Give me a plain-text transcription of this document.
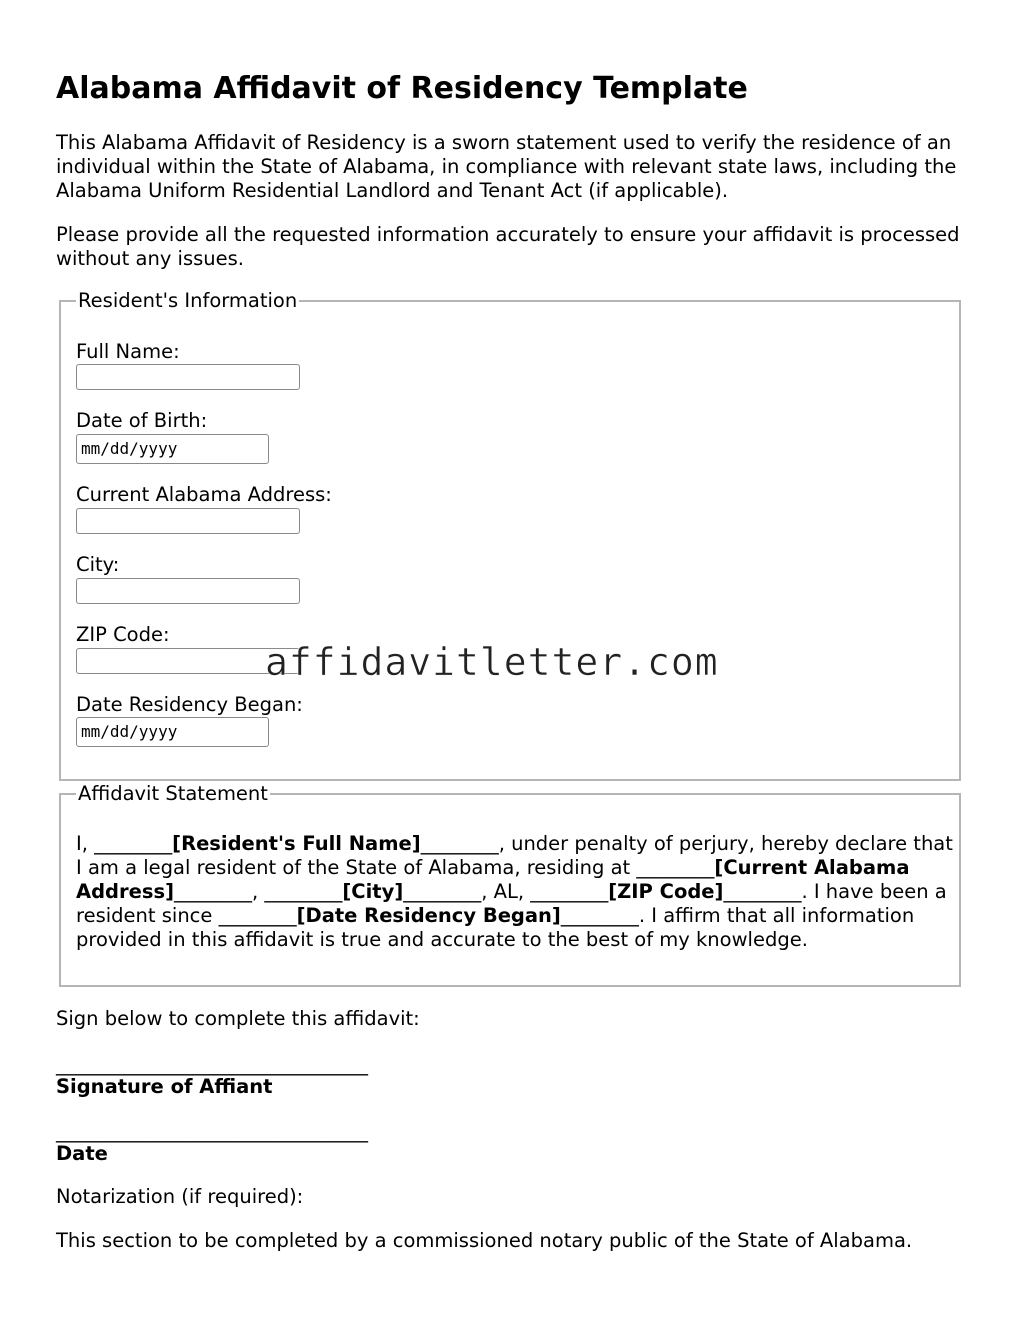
Alabama Affidavit of Residency Template

This Alabama Affidavit of Residency is a sworn statement used to verify the residence of an individual within the State of Alabama, in compliance with relevant state laws, including the Alabama Uniform Residential Landlord and Tenant Act (if applicable).

Please provide all the requested information accurately to ensure your affidavit is processed without any issues.

Resident's Information
Affidavit Statement
Full Name:
Date of Birth:
mm/dd/yyyy
Current Alabama Address:
City:
ZIP Code:
Date Residency Began:
mm/dd/yyyy
affidavitletter.com

I, ________[Resident's Full Name]________, under penalty of perjury, hereby declare that I am a legal resident of the State of Alabama, residing at ________[Current Alabama Address]________, ________[City]________, AL, ________[ZIP Code]________. I have been a resident since ________[Date Residency Began]________. I affirm that all information provided in this affidavit is true and accurate to the best of my knowledge.

Sign below to complete this affidavit:

________________________________

Signature of Affiant

________________________________

Date

Notarization (if required):

This section to be completed by a commissioned notary public of the State of Alabama.
